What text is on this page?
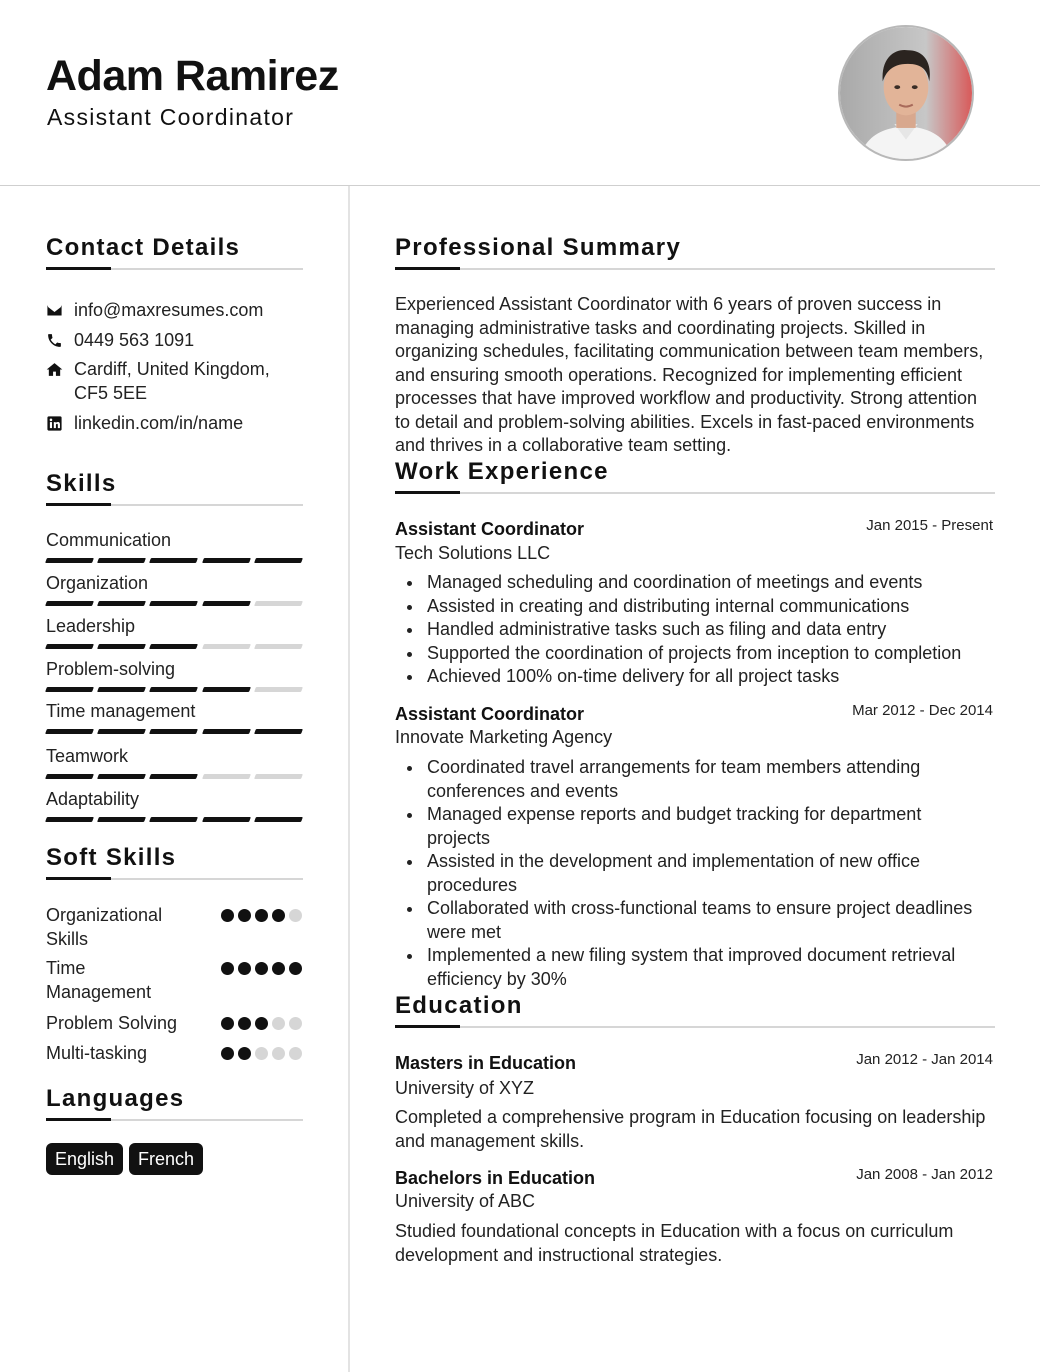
Adam Ramirez
Assistant Coordinator
Contact Details
info@maxresumes.com
0449 563 1091
Cardiff, United Kingdom,
CF5 5EE
linkedin.com/in/name
Skills
Communication
Organization
Leadership
Problem-solving
Time management
Teamwork
Adaptability
Soft Skills
Organizational Skills
Time Management
Problem Solving
Multi-tasking
Languages
English	French
Professional Summary
Experienced Assistant Coordinator with 6 years of proven success in managing administrative tasks and coordinating projects. Skilled in organizing schedules, facilitating communication between team members, and ensuring smooth operations. Recognized for implementing efficient processes that have improved workflow and productivity. Strong attention to detail and problem-solving abilities. Excels in fast-paced environments and thrives in a collaborative team setting.
Work Experience
Assistant Coordinator	Jan 2015 - Present
Tech Solutions LLC
Managed scheduling and coordination of meetings and events
Assisted in creating and distributing internal communications
Handled administrative tasks such as filing and data entry
Supported the coordination of projects from inception to completion
Achieved 100% on-time delivery for all project tasks
Assistant Coordinator	Mar 2012 - Dec 2014
Innovate Marketing Agency
Coordinated travel arrangements for team members attending conferences and events
Managed expense reports and budget tracking for department projects
Assisted in the development and implementation of new office procedures
Collaborated with cross-functional teams to ensure project deadlines were met
Implemented a new filing system that improved document retrieval efficiency by 30%
Education
Masters in Education	Jan 2012 - Jan 2014
University of XYZ
Completed a comprehensive program in Education focusing on leadership and management skills.
Bachelors in Education	Jan 2008 - Jan 2012
University of ABC
Studied foundational concepts in Education with a focus on curriculum development and instructional strategies.
